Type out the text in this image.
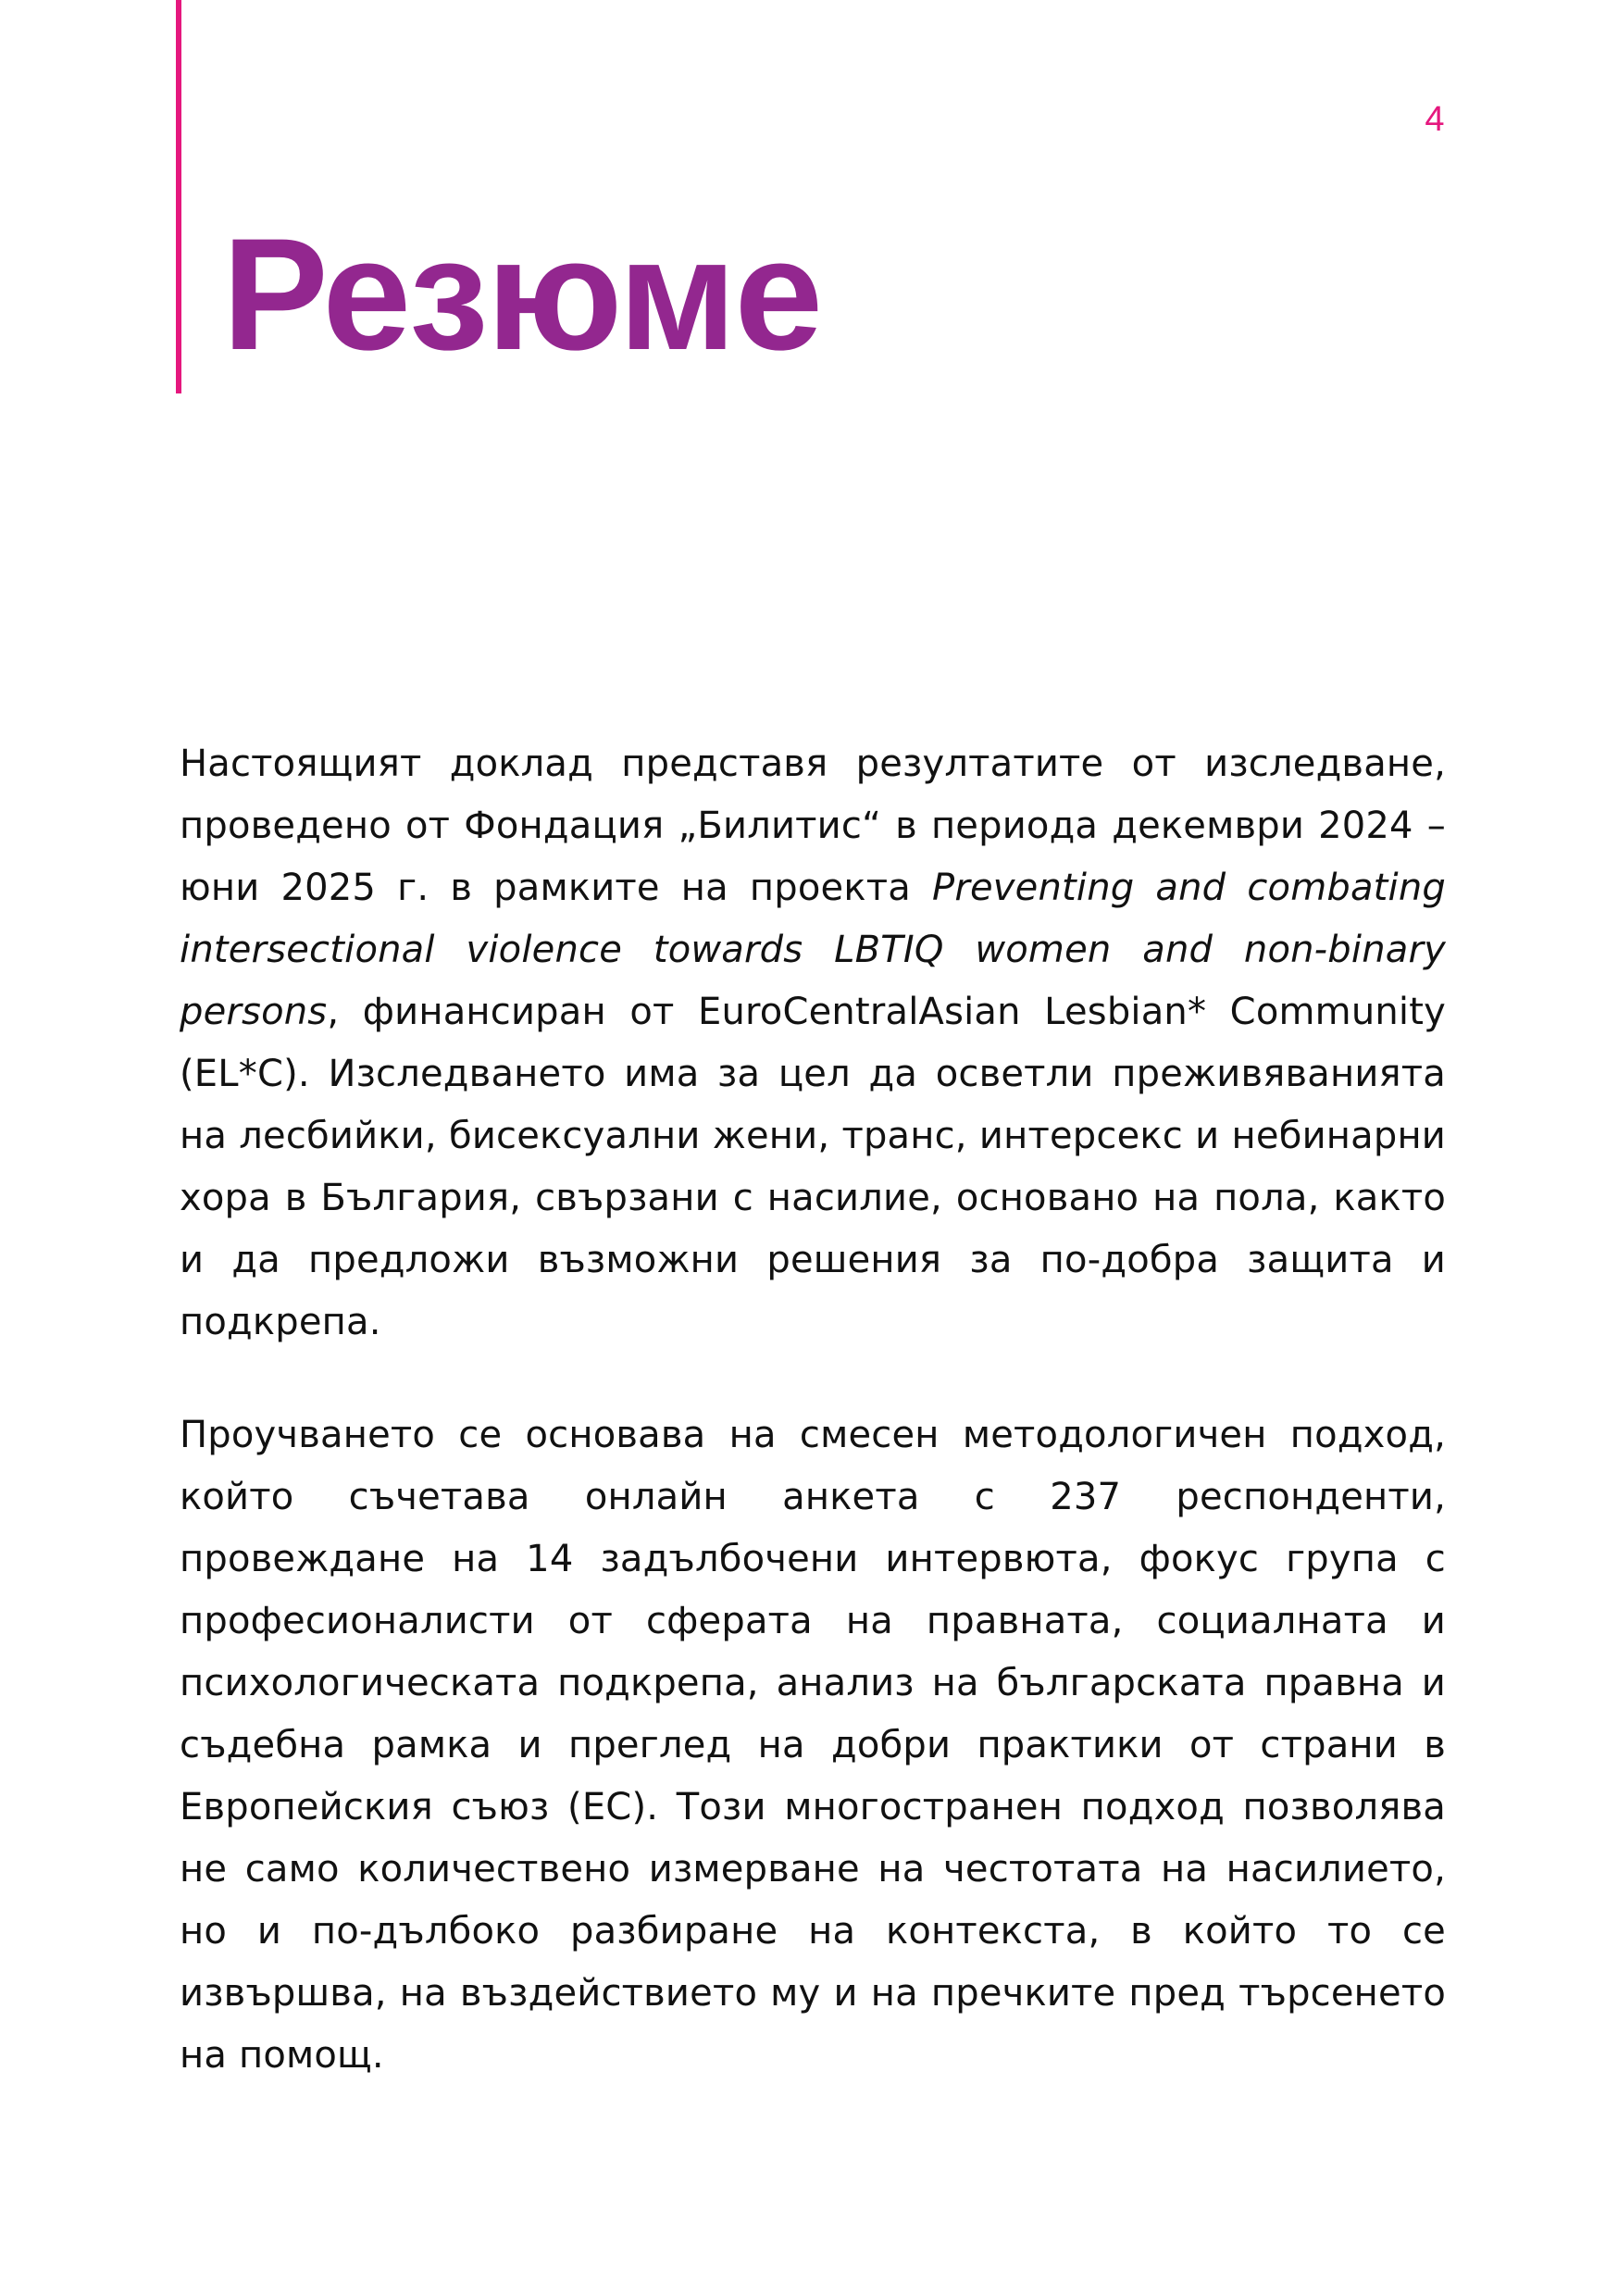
4
Резюме

Настоящият доклад представя резултатите от изследване, проведено от Фондация „Билитис“ в периода декември 2024 – юни 2025 г. в рамките на проекта Preventing and combating intersectional violence towards LBTIQ women and non-binary persons, финансиран от EuroCentralAsian Lesbian* Community (EL*C). Изследването има за цел да осветли преживяванията на лесбийки, бисексуални жени, транс, интерсекс и небинарни хора в България, свързани с насилие, основано на пола, както и да предложи възможни решения за по-добра защита и подкрепа.

Проучването се основава на смесен методологичен подход, който съчетава онлайн анкета с 237 респонденти, провеждане на 14 задълбочени интервюта, фокус група с професионалисти от сферата на правната, социалната и психологическата подкрепа, анализ на българската правна и съдебна рамка и преглед на добри практики от страни в Европейския съюз (ЕС). Този многостранен подход позволява не само количествено измерване на честотата на насилието, но и по-дълбоко разбиране на контекста, в който то се извършва, на въздействието му и на пречките пред търсенето на помощ.
